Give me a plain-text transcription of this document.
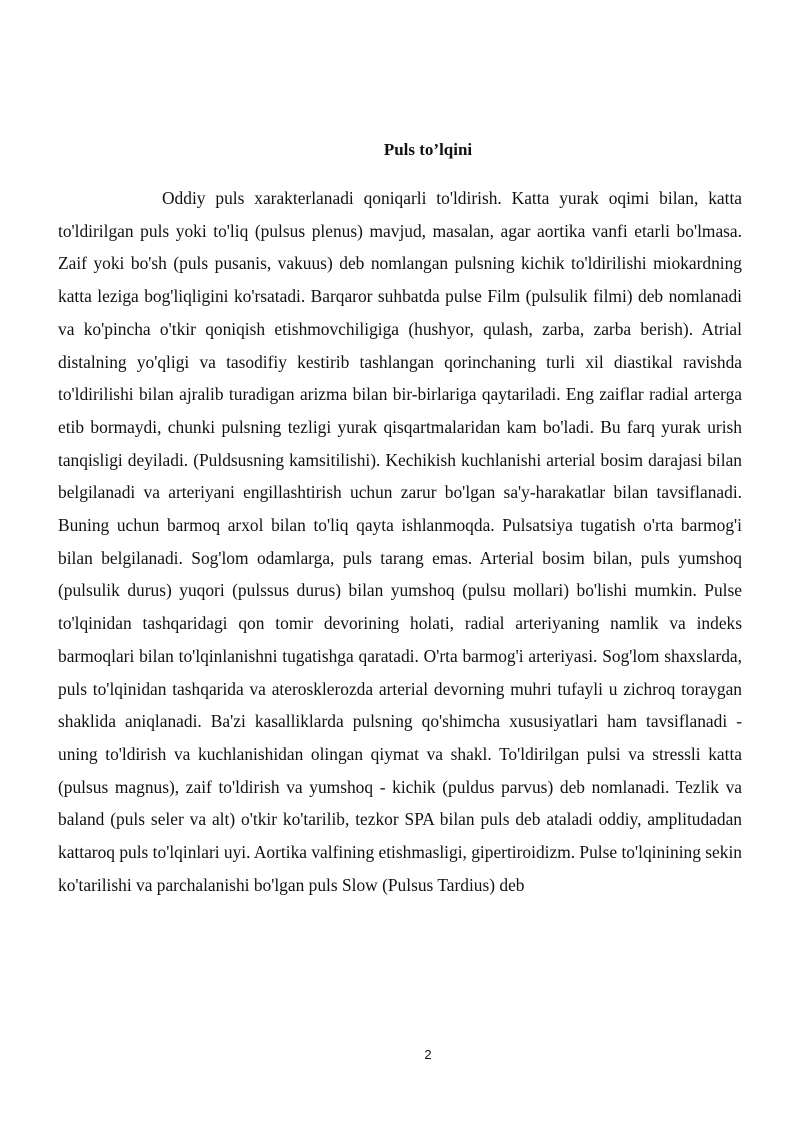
Puls to’lqini

Oddiy puls xarakterlanadi qoniqarli to'ldirish. Katta yurak oqimi bilan, katta to'ldirilgan puls yoki to'liq (pulsus plenus) mavjud, masalan, agar aortika vanfi etarli bo'lmasa. Zaif yoki bo'sh (puls pusanis, vakuus) deb nomlangan pulsning kichik to'ldirilishi miokardning katta leziga bog'liqligini ko'rsatadi. Barqaror suhbatda pulse Film (pulsulik filmi) deb nomlanadi va ko'pincha o'tkir qoniqish etishmovchiligiga (hushyor, qulash, zarba, zarba berish). Atrial distalning yo'qligi va tasodifiy kestirib tashlangan qorinchaning turli xil diastikal ravishda to'ldirilishi bilan ajralib turadigan arizma bilan bir-birlariga qaytariladi. Eng zaiflar radial arterga etib bormaydi, chunki pulsning tezligi yurak qisqartmalaridan kam bo'ladi. Bu farq yurak urish tanqisligi deyiladi. (Puldsusning kamsitilishi). Kechikish kuchlanishi arterial bosim darajasi bilan belgilanadi va arteriyani engillashtirish uchun zarur bo'lgan sa'y-harakatlar bilan tavsiflanadi. Buning uchun barmoq arxol bilan to'liq qayta ishlanmoqda. Pulsatsiya tugatish o'rta barmog'i bilan belgilanadi. Sog'lom odamlarga, puls tarang emas. Arterial bosim bilan, puls yumshoq (pulsulik durus) yuqori (pulssus durus) bilan yumshoq (pulsu mollari) bo'lishi mumkin. Pulse to'lqinidan tashqaridagi qon tomir devorining holati, radial arteriyaning namlik va indeks barmoqlari bilan to'lqinlanishni tugatishga qaratadi. O'rta barmog'i arteriyasi. Sog'lom shaxslarda, puls to'lqinidan tashqarida va aterosklerozda arterial devorning muhri tufayli u zichroq toraygan shaklida aniqlanadi. Ba'zi kasalliklarda pulsning qo'shimcha xususiyatlari ham tavsiflanadi - uning to'ldirish va kuchlanishidan olingan qiymat va shakl. To'ldirilgan pulsi va stressli katta (pulsus magnus), zaif to'ldirish va yumshoq - kichik (puldus parvus) deb nomlanadi. Tezlik va baland (puls seler va alt) o'tkir ko'tarilib, tezkor SPA bilan puls deb ataladi oddiy, amplitudadan kattaroq puls to'lqinlari uyi. Aortika valfining etishmasligi, gipertiroidizm. Pulse to'lqinining sekin ko'tarilishi va parchalanishi bo'lgan puls Slow (Pulsus Tardius) deb

2
